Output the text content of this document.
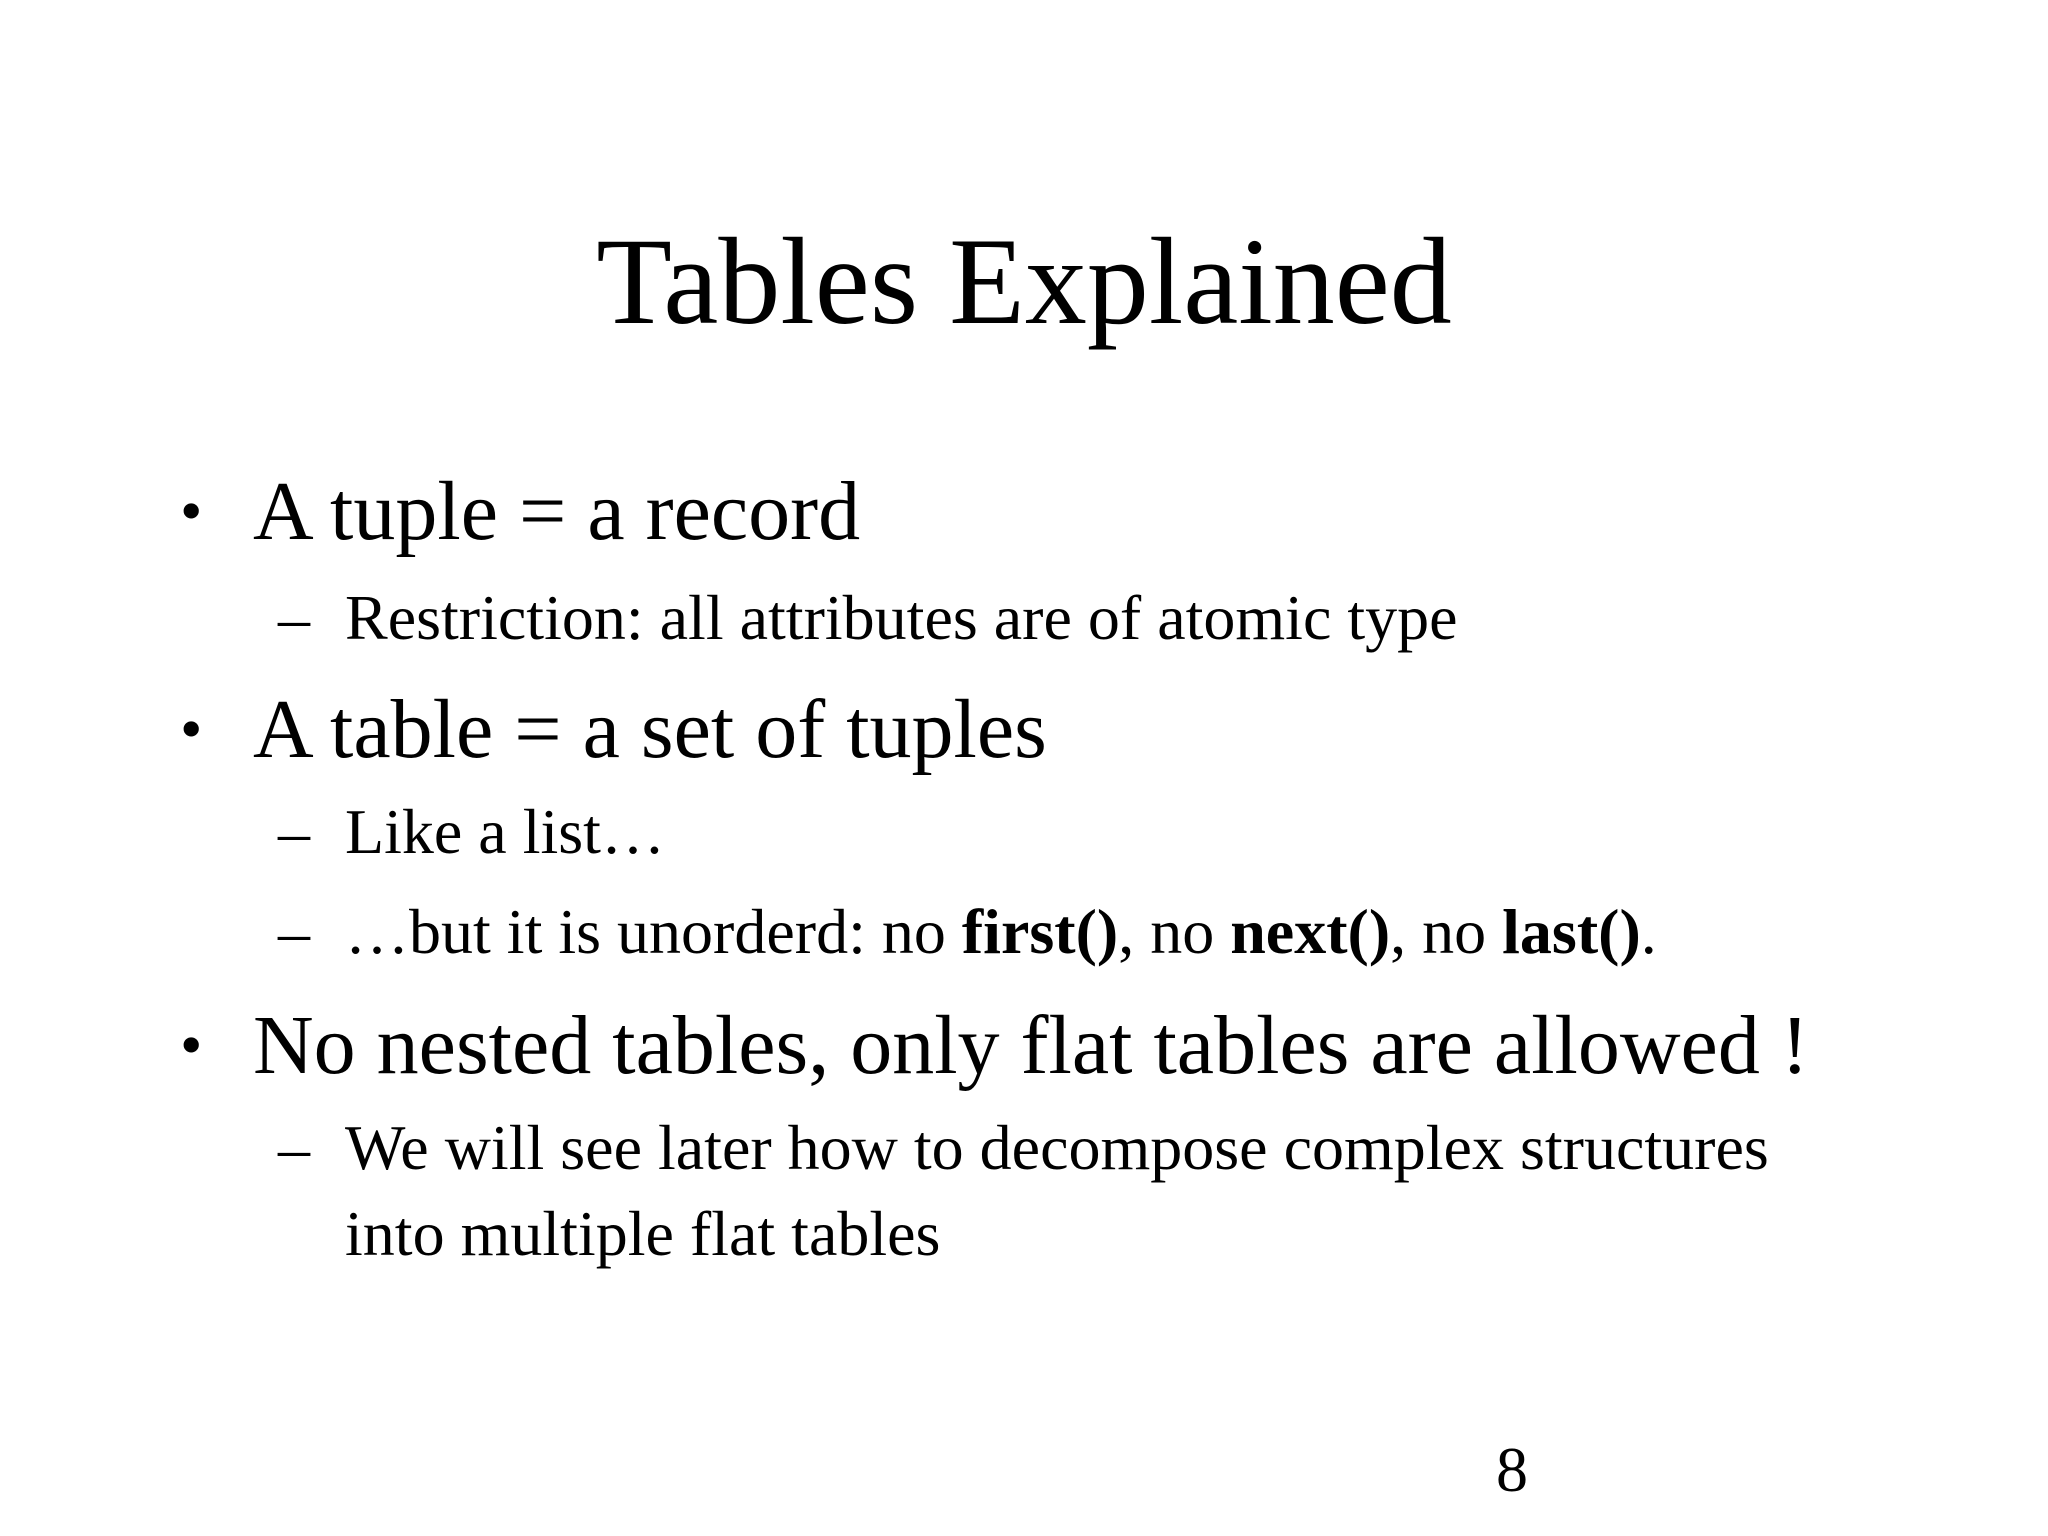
Tables Explained
• A tuple = a record
– Restriction: all attributes are of atomic type
• A table = a set of tuples
– Like a list…
– …but it is unorderd: no first(), no next(), no last().
• No nested tables, only flat tables are allowed !
– We will see later how to decompose complex structures
into multiple flat tables
8
